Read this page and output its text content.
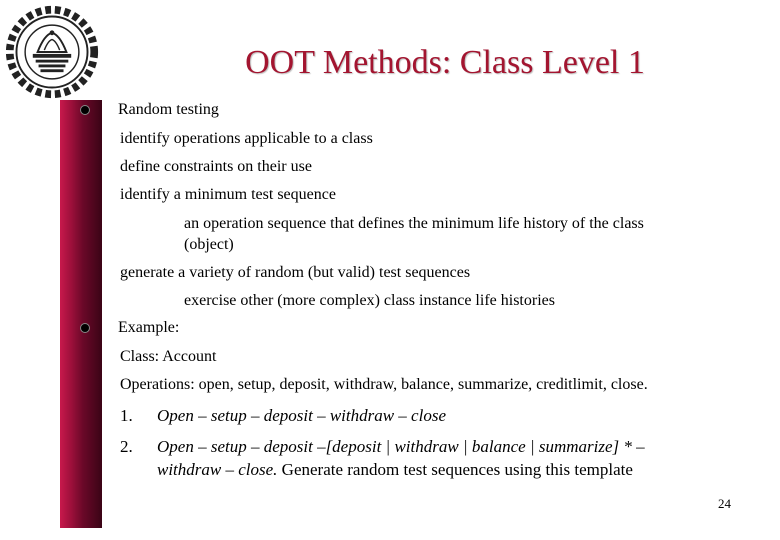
OOT Methods: Class Level 1
Random testing
identify operations applicable to a class
define constraints on their use
identify a minimum test sequence
an operation sequence that defines the minimum life history of the class
(object)
generate a variety of random (but valid) test sequences
exercise other (more complex) class instance life histories
Example:
Class: Account
Operations: open, setup, deposit, withdraw, balance, summarize, creditlimit, close.
1. Open – setup – deposit – withdraw – close
2. Open – setup – deposit –[deposit | withdraw | balance | summarize] * –
withdraw – close. Generate random test sequences using this template
24
